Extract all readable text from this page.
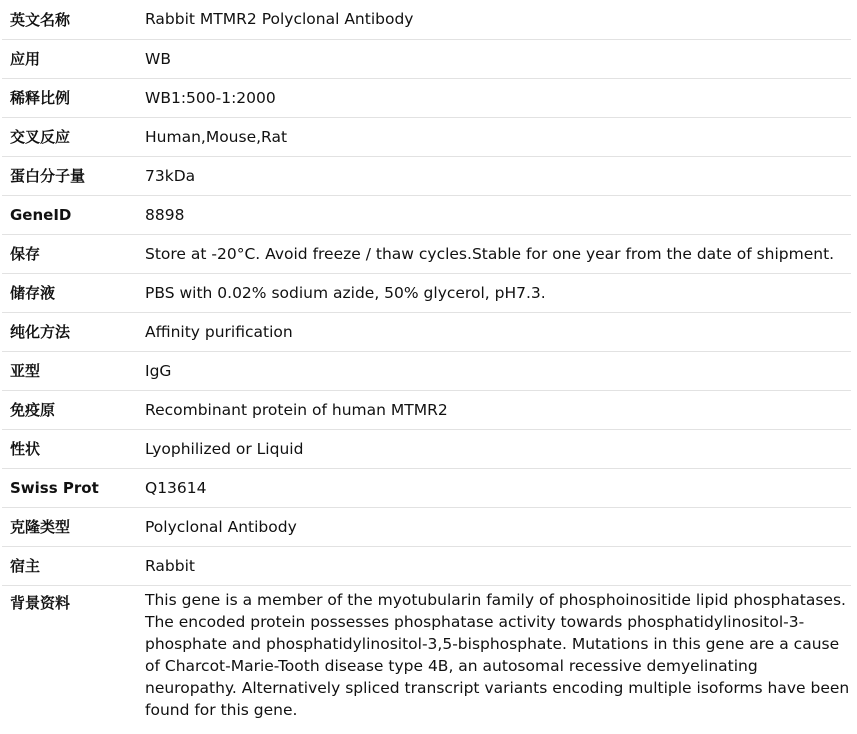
英文名称	Rabbit MTMR2 Polyclonal Antibody
应用	WB
稀释比例	WB1:500-1:2000
交叉反应	Human,Mouse,Rat
蛋白分子量	73kDa
GeneID	8898
保存	Store at -20°C. Avoid freeze / thaw cycles.Stable for one year from the date of shipment.
储存液	PBS with 0.02% sodium azide, 50% glycerol, pH7.3.
纯化方法	Affinity purification
亚型	IgG
免疫原	Recombinant protein of human MTMR2
性状	Lyophilized or Liquid
Swiss Prot	Q13614
克隆类型	Polyclonal Antibody
宿主	Rabbit
背景资料	This gene is a member of the myotubularin family of phosphoinositide lipid phosphatases. The encoded protein possesses phosphatase activity towards phosphatidylinositol-3-phosphate and phosphatidylinositol-3,5-bisphosphate. Mutations in this gene are a cause of Charcot-Marie-Tooth disease type 4B, an autosomal recessive demyelinating neuropathy. Alternatively spliced transcript variants encoding multiple isoforms have been found for this gene.
